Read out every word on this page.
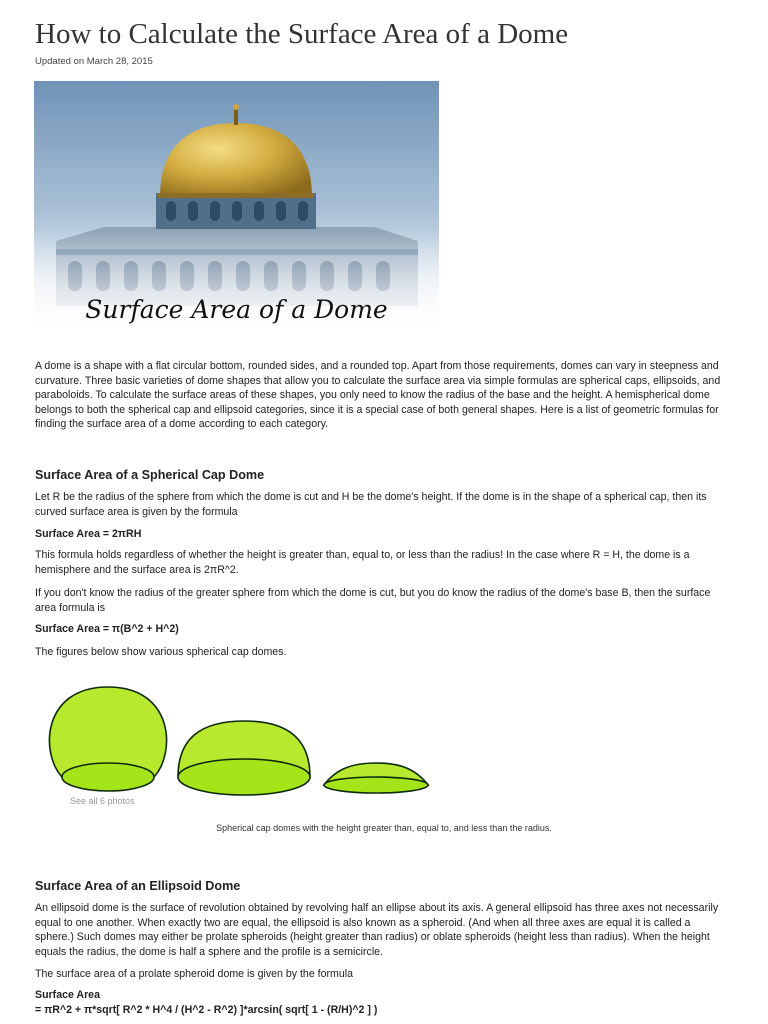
How to Calculate the Surface Area of a Dome
Updated on March 28, 2015
Surface Area of a Dome

A dome is a shape with a flat circular bottom, rounded sides, and a rounded top. Apart from those requirements, domes can vary in steepness and curvature. Three basic varieties of dome shapes that allow you to calculate the surface area via simple formulas are spherical caps, ellipsoids, and paraboloids. To calculate the surface areas of these shapes, you only need to know the radius of the base and the height. A hemispherical dome belongs to both the spherical cap and ellipsoid categories, since it is a special case of both general shapes. Here is a list of geometric formulas for finding the surface area of a dome according to each category.

Surface Area of a Spherical Cap Dome

Let R be the radius of the sphere from which the dome is cut and H be the dome's height. If the dome is in the shape of a spherical cap, then its curved surface area is given by the formula

Surface Area = 2πRH

This formula holds regardless of whether the height is greater than, equal to, or less than the radius! In the case where R = H, the dome is a hemisphere and the surface area is 2πR^2.

If you don't know the radius of the greater sphere from which the dome is cut, but you do know the radius of the dome's base B, then the surface area formula is

Surface Area = π(B^2 + H^2)

The figures below show various spherical cap domes.

See all 6 photos
Spherical cap domes with the height greater than, equal to, and less than the radius.
Surface Area of an Ellipsoid Dome

An ellipsoid dome is the surface of revolution obtained by revolving half an ellipse about its axis. A general ellipsoid has three axes not necessarily equal to one another. When exactly two are equal, the ellipsoid is also known as a spheroid. (And when all three axes are equal it is called a sphere.) Such domes may either be prolate spheroids (height greater than radius) or oblate spheroids (height less than radius). When the height equals the radius, the dome is half a sphere and the profile is a semicircle.

The surface area of a prolate spheroid dome is given by the formula

Surface Area

= πR^2 + π*sqrt[ R^2 * H^4 / (H^2 - R^2) ]*arcsin( sqrt[ 1 - (R/H)^2 ] )
